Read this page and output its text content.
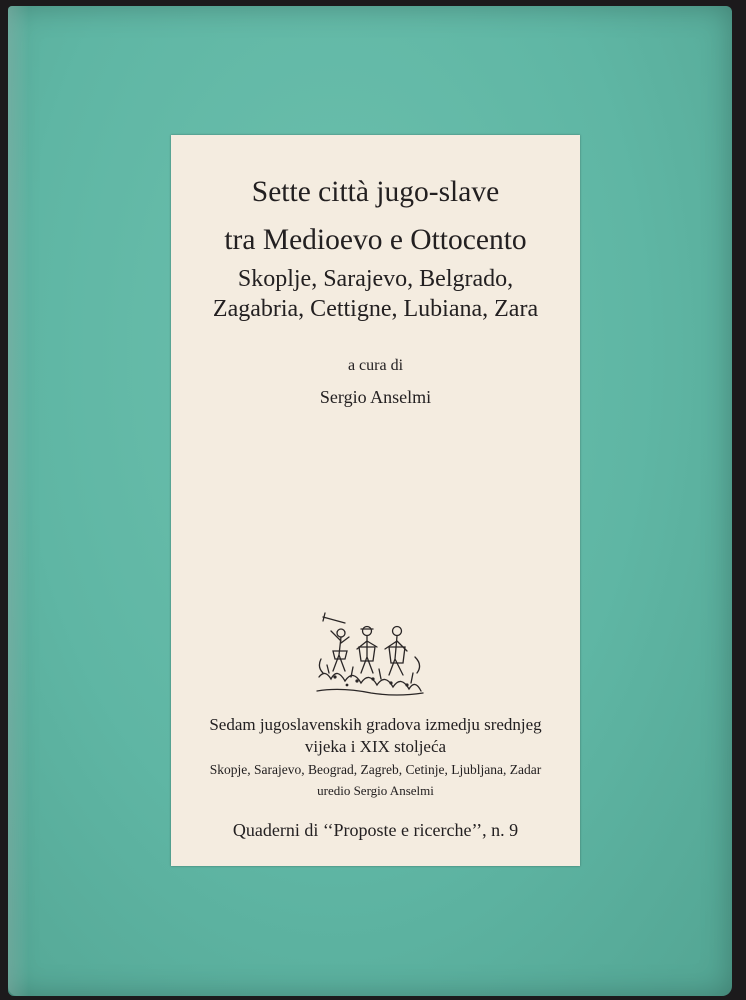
Sette città jugo-slave
tra Medioevo e Ottocento
Skoplje, Sarajevo, Belgrado,
Zagabria, Cettigne, Lubiana, Zara
a cura di
Sergio Anselmi
Sedam jugoslavenskih gradova izmedju srednjeg
vijeka i XIX stoljeća
Skopje, Sarajevo, Beograd, Zagreb, Cetinje, Ljubljana, Zadar
uredio Sergio Anselmi
Quaderni di ‘‘Proposte e ricerche’’, n. 9
